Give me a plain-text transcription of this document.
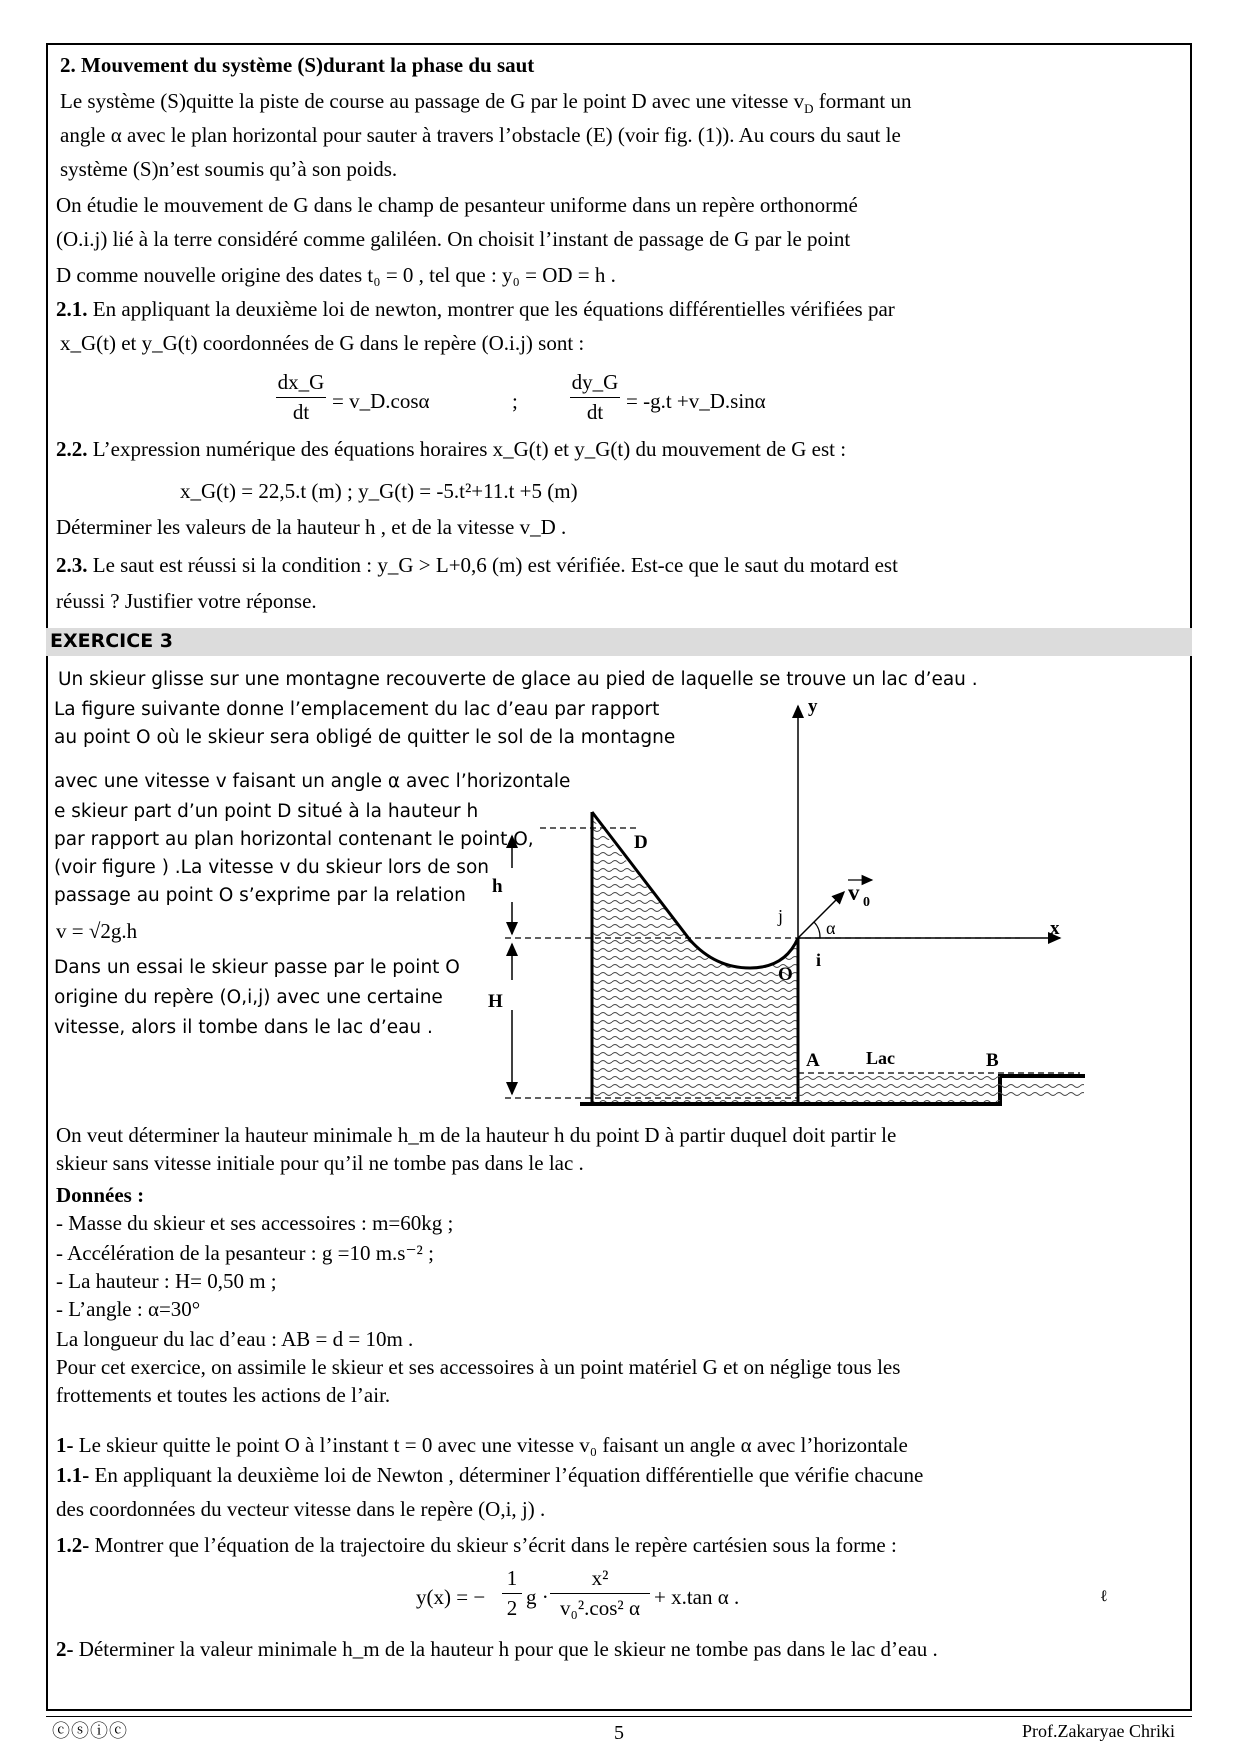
2. Mouvement du système (S)durant la phase du saut
Le système (S)quitte la piste de course au passage de G par le point D avec une vitesse $v_D$ formant un
angle α avec le plan horizontal pour sauter à travers l’obstacle (E) (voir fig. (1)). Au cours du saut le
système (S)n’est soumis qu’à son poids.
On étudie le mouvement de G dans le champ de pesanteur uniforme dans un repère orthonormé
(O.i.j) lié à la terre considéré comme galiléen. On choisit l’instant de passage de G par le point
D comme nouvelle origine des dates t₀ = 0 , tel que : y₀ = OD = h .
2.1. En appliquant la deuxième loi de newton, montrer que les équations différentielles vérifiées par
x_G(t) et y_G(t) coordonnées de G dans le repère (O.i.j) sont :
dx_G
dt	= v_D.cosα	;
dy_G
dt	= -g.t +v_D.sinα
2.2. L’expression numérique des équations horaires x_G(t) et y_G(t) du mouvement de G est :
x_G(t) = 22,5.t (m) ; y_G(t) = -5.t²+11.t +5 (m)
Déterminer les valeurs de la hauteur h , et de la vitesse v_D .
2.3. Le saut est réussi si la condition : y_G > L+0,6 (m) est vérifiée. Est-ce que le saut du motard est
réussi ? Justifier votre réponse.
EXERCICE 3
Un skieur glisse sur une montagne recouverte de glace au pied de laquelle se trouve un lac d’eau .
La figure suivante donne l’emplacement du lac d’eau par rapport
au point O où le skieur sera obligé de quitter le sol de la montagne
avec une vitesse v faisant un angle α avec l’horizontale
e skieur part d’un point D situé à la hauteur h
par rapport au plan horizontal contenant le point O,
(voir figure ) .La vitesse v du skieur lors de son
passage au point O s’exprime par la relation
v = √2g.h
Dans un essai le skieur passe par le point O
origine du repère (O,i,j) avec une certaine
vitesse, alors il tombe dans le lac d’eau .
h
H
y
x
v 0
α
j
i
D
O
A	Lac	B
On veut déterminer la hauteur minimale h_m de la hauteur h du point D à partir duquel doit partir le
skieur sans vitesse initiale pour qu’il ne tombe pas dans le lac .
Données :
- Masse du skieur et ses accessoires : m=60kg ;
- Accélération de la pesanteur : g =10 m.s⁻² ;
- La hauteur : H= 0,50 m ;
- L’angle : α=30°
La longueur du lac d’eau : AB = d = 10m .
Pour cet exercice, on assimile le skieur et ses accessoires à un point matériel G et on néglige tous les
frottements et toutes les actions de l’air.
1- Le skieur quitte le point O à l’instant t = 0 avec une vitesse v₀ faisant un angle α avec l’horizontale
1.1- En appliquant la deuxième loi de Newton , déterminer l’équation différentielle que vérifie chacune
des coordonnées du vecteur vitesse dans le repère (O,i, j) .
1.2- Montrer que l’équation de la trajectoire du skieur s’écrit dans le repère cartésien sous la forme :
y(x) = −
1
2 g ·
x²
v₀².cos² α + x.tan α .	ℓ
2- Déterminer la valeur minimale h_m de la hauteur h pour que le skieur ne tombe pas dans le lac d’eau .
ⓒⓢⓘⓒ	5	Prof.Zakaryae Chriki
